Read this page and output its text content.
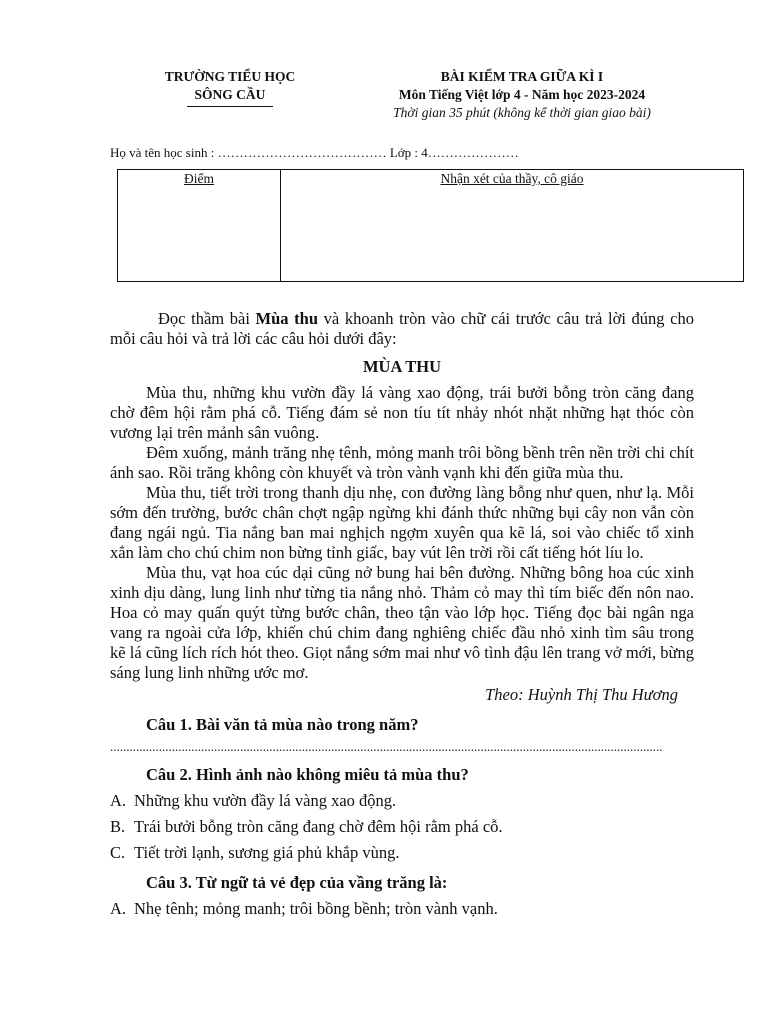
TRƯỜNG TIỂU HỌC
SÔNG CẦU
BÀI KIỂM TRA GIỮA KÌ I
Môn Tiếng Việt lớp 4 - Năm học 2023-2024
Thời gian 35 phút (không kể thời gian giao bài)
Họ và tên học sinh : ………………………………… Lớp : 4…………………
Điểm	Nhận xét của thầy, cô giáo

Đọc thầm bài Mùa thu và khoanh tròn vào chữ cái trước câu trả lời đúng cho mỗi câu hỏi và trả lời các câu hỏi dưới đây:

MÙA THU

Mùa thu, những khu vườn đầy lá vàng xao động, trái bưởi bỗng tròn căng đang chờ đêm hội rằm phá cỗ. Tiếng đám sẻ non tíu tít nhảy nhót nhặt những hạt thóc còn vương lại trên mảnh sân vuông.

Đêm xuống, mảnh trăng nhẹ tênh, mỏng manh trôi bồng bềnh trên nền trời chi chít ánh sao. Rồi trăng không còn khuyết và tròn vành vạnh khi đến giữa mùa thu.

Mùa thu, tiết trời trong thanh dịu nhẹ, con đường làng bỗng như quen, như lạ. Mỗi sớm đến trường, bước chân chợt ngập ngừng khi đánh thức những bụi cây non vẫn còn đang ngái ngủ. Tia nắng ban mai nghịch ngợm xuyên qua kẽ lá, soi vào chiếc tổ xinh xắn làm cho chú chim non bừng tỉnh giấc, bay vút lên trời rồi cất tiếng hót líu lo.

Mùa thu, vạt hoa cúc dại cũng nở bung hai bên đường. Những bông hoa cúc xinh xinh dịu dàng, lung linh như từng tia nắng nhỏ. Thảm cỏ may thì tím biếc đến nôn nao. Hoa cỏ may quấn quýt từng bước chân, theo tận vào lớp học. Tiếng đọc bài ngân nga vang ra ngoài cửa lớp, khiến chú chim đang nghiêng chiếc đầu nhỏ xinh tìm sâu trong kẽ lá cũng lích rích hót theo. Giọt nắng sớm mai như vô tình đậu lên trang vở mới, bừng sáng lung linh những ước mơ.

Theo: Huỳnh Thị Thu Hương
Câu 1. Bài văn tả mùa nào trong năm?
..........................................................................................................................................................................
Câu 2. Hình ảnh nào không miêu tả mùa thu?
A. Những khu vườn đầy lá vàng xao động.
B. Trái bưởi bỗng tròn căng đang chờ đêm hội rằm phá cỗ.
C. Tiết trời lạnh, sương giá phủ khắp vùng.
Câu 3. Từ ngữ tả vẻ đẹp của vầng trăng là:
A. Nhẹ tênh; mỏng manh; trôi bồng bềnh; tròn vành vạnh.
